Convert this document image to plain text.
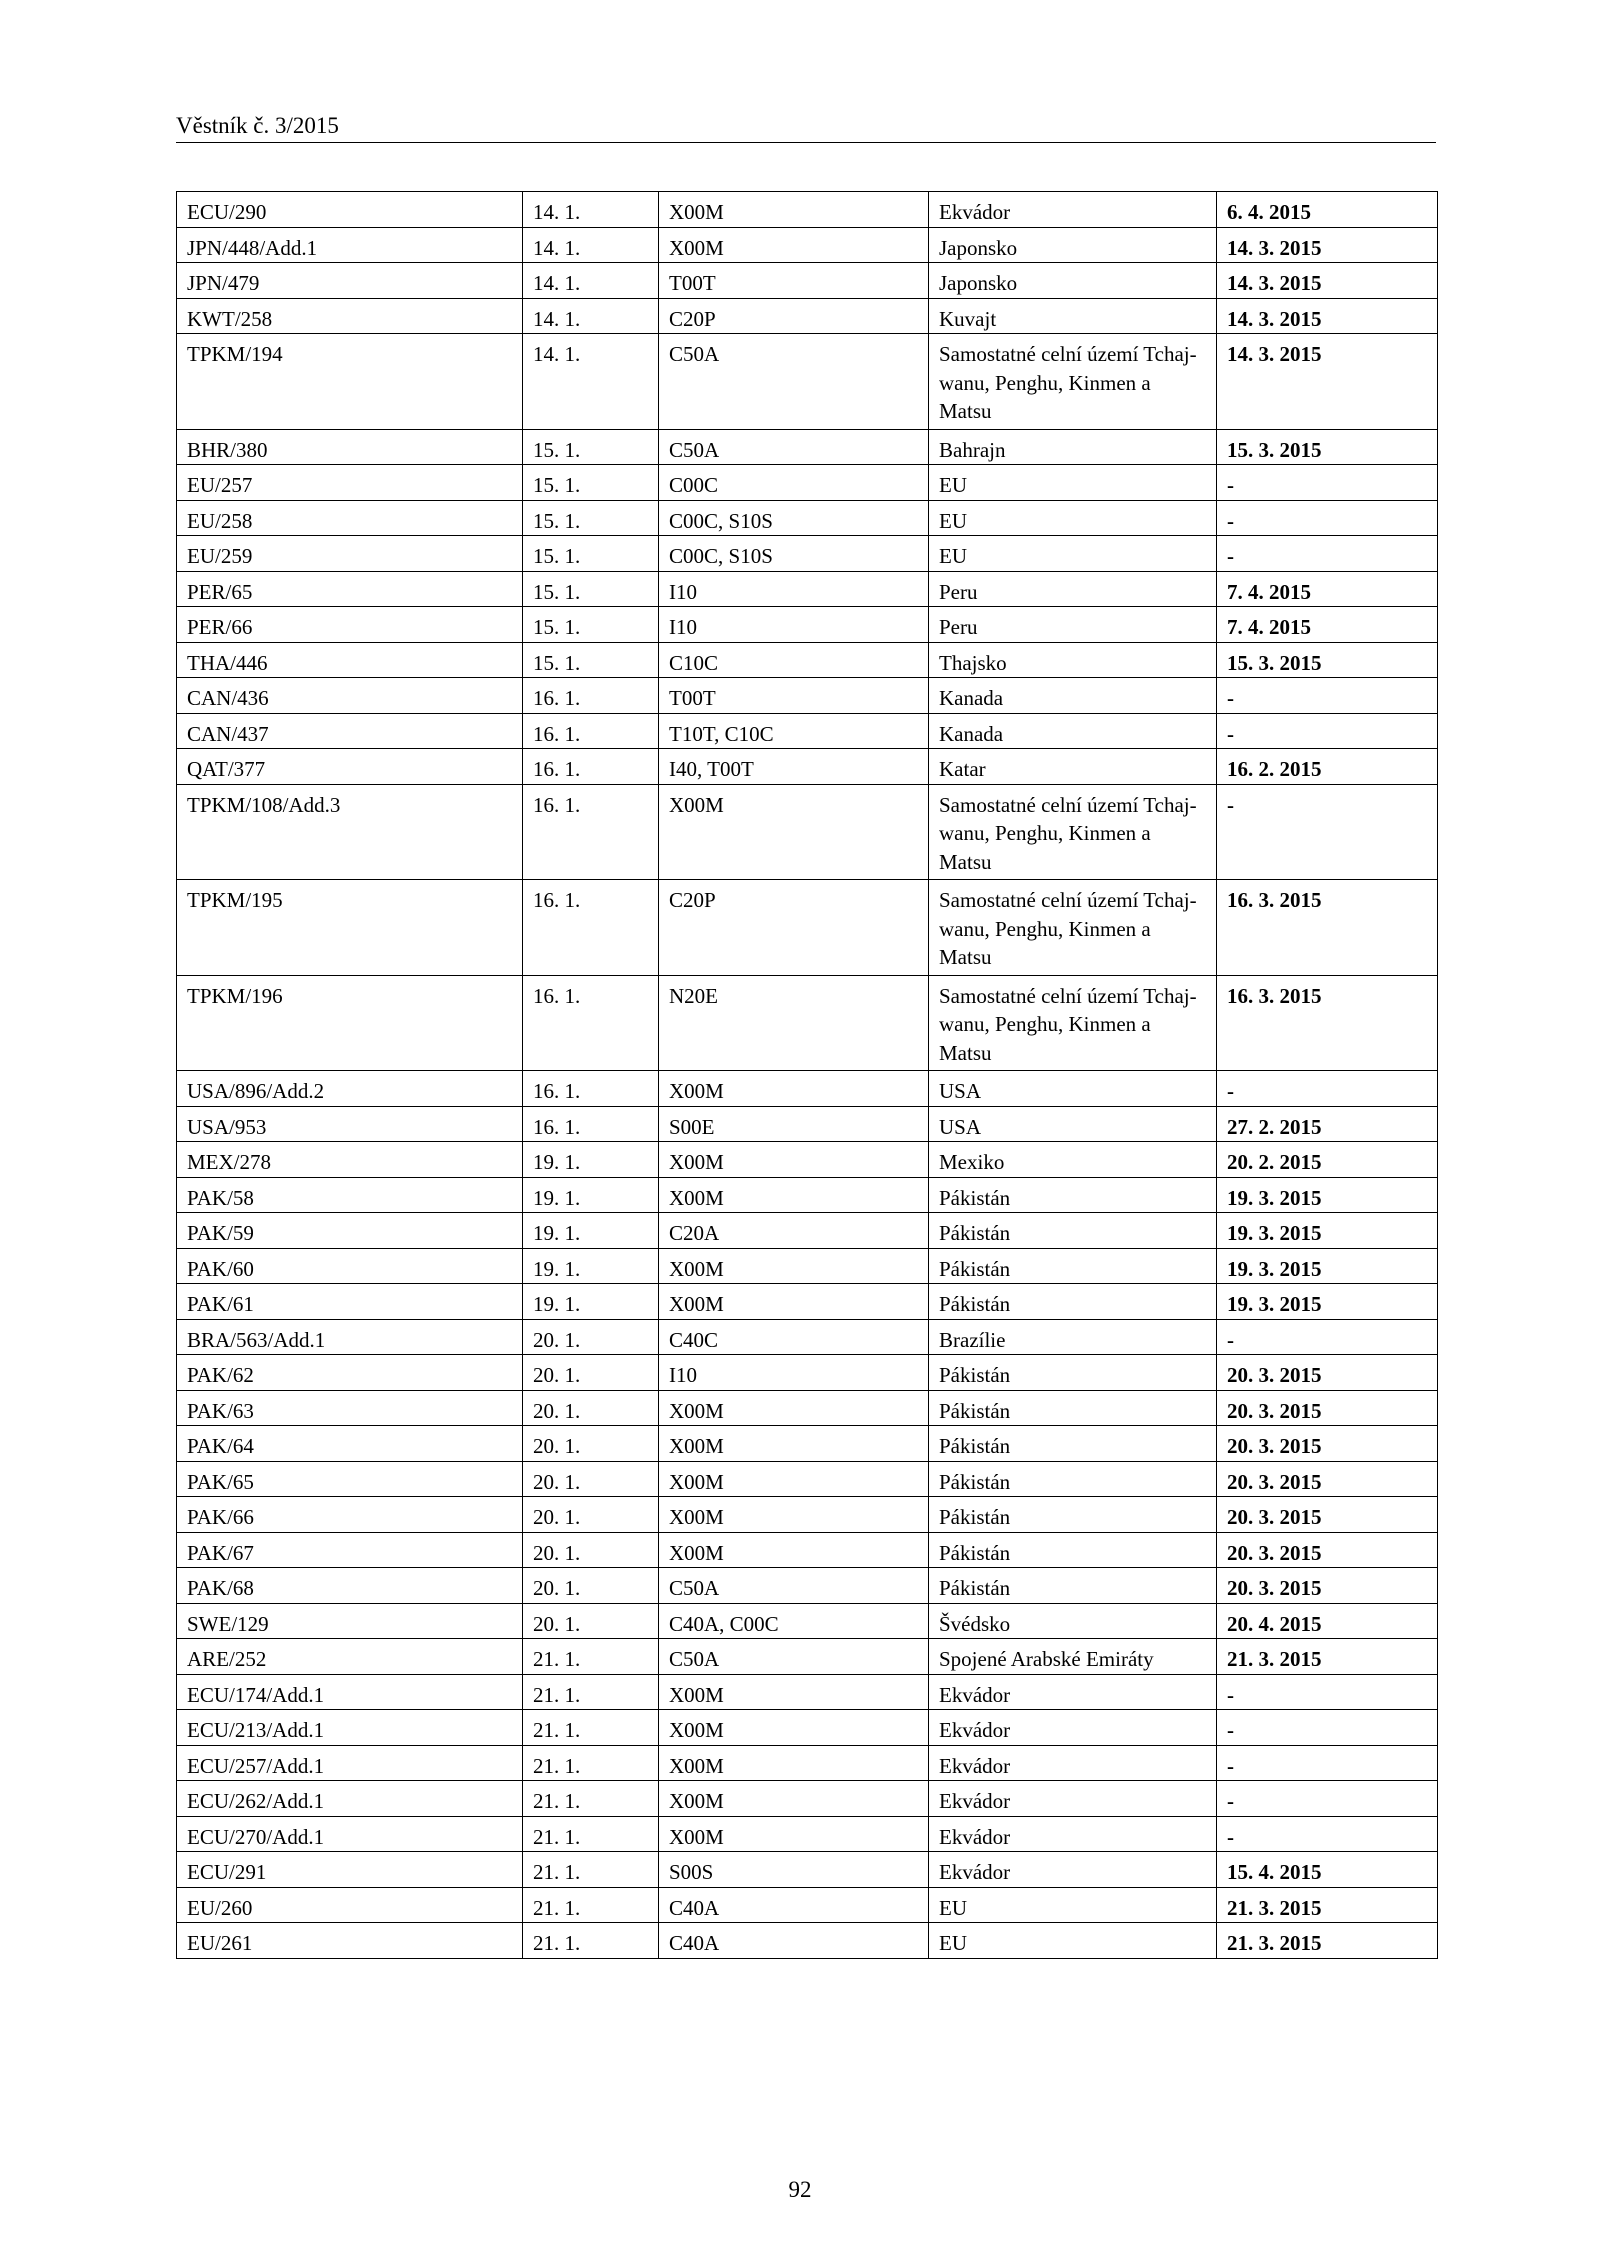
Věstník č. 3/2015
ECU/290	14. 1.	X00M	Ekvádor	6. 4. 2015
JPN/448/Add.1	14. 1.	X00M	Japonsko	14. 3. 2015
JPN/479	14. 1.	T00T	Japonsko	14. 3. 2015
KWT/258	14. 1.	C20P	Kuvajt	14. 3. 2015
TPKM/194	14. 1.	C50A	Samostatné celní území Tchaj-wanu, Penghu, Kinmen a Matsu	14. 3. 2015
BHR/380	15. 1.	C50A	Bahrajn	15. 3. 2015
EU/257	15. 1.	C00C	EU	-
EU/258	15. 1.	C00C, S10S	EU	-
EU/259	15. 1.	C00C, S10S	EU	-
PER/65	15. 1.	I10	Peru	7. 4. 2015
PER/66	15. 1.	I10	Peru	7. 4. 2015
THA/446	15. 1.	C10C	Thajsko	15. 3. 2015
CAN/436	16. 1.	T00T	Kanada	-
CAN/437	16. 1.	T10T, C10C	Kanada	-
QAT/377	16. 1.	I40, T00T	Katar	16. 2. 2015
TPKM/108/Add.3	16. 1.	X00M	Samostatné celní území Tchaj-wanu, Penghu, Kinmen a Matsu	-
TPKM/195	16. 1.	C20P	Samostatné celní území Tchaj-wanu, Penghu, Kinmen a Matsu	16. 3. 2015
TPKM/196	16. 1.	N20E	Samostatné celní území Tchaj-wanu, Penghu, Kinmen a Matsu	16. 3. 2015
USA/896/Add.2	16. 1.	X00M	USA	-
USA/953	16. 1.	S00E	USA	27. 2. 2015
MEX/278	19. 1.	X00M	Mexiko	20. 2. 2015
PAK/58	19. 1.	X00M	Pákistán	19. 3. 2015
PAK/59	19. 1.	C20A	Pákistán	19. 3. 2015
PAK/60	19. 1.	X00M	Pákistán	19. 3. 2015
PAK/61	19. 1.	X00M	Pákistán	19. 3. 2015
BRA/563/Add.1	20. 1.	C40C	Brazílie	-
PAK/62	20. 1.	I10	Pákistán	20. 3. 2015
PAK/63	20. 1.	X00M	Pákistán	20. 3. 2015
PAK/64	20. 1.	X00M	Pákistán	20. 3. 2015
PAK/65	20. 1.	X00M	Pákistán	20. 3. 2015
PAK/66	20. 1.	X00M	Pákistán	20. 3. 2015
PAK/67	20. 1.	X00M	Pákistán	20. 3. 2015
PAK/68	20. 1.	C50A	Pákistán	20. 3. 2015
SWE/129	20. 1.	C40A, C00C	Švédsko	20. 4. 2015
ARE/252	21. 1.	C50A	Spojené Arabské Emiráty	21. 3. 2015
ECU/174/Add.1	21. 1.	X00M	Ekvádor	-
ECU/213/Add.1	21. 1.	X00M	Ekvádor	-
ECU/257/Add.1	21. 1.	X00M	Ekvádor	-
ECU/262/Add.1	21. 1.	X00M	Ekvádor	-
ECU/270/Add.1	21. 1.	X00M	Ekvádor	-
ECU/291	21. 1.	S00S	Ekvádor	15. 4. 2015
EU/260	21. 1.	C40A	EU	21. 3. 2015
EU/261	21. 1.	C40A	EU	21. 3. 2015
92
